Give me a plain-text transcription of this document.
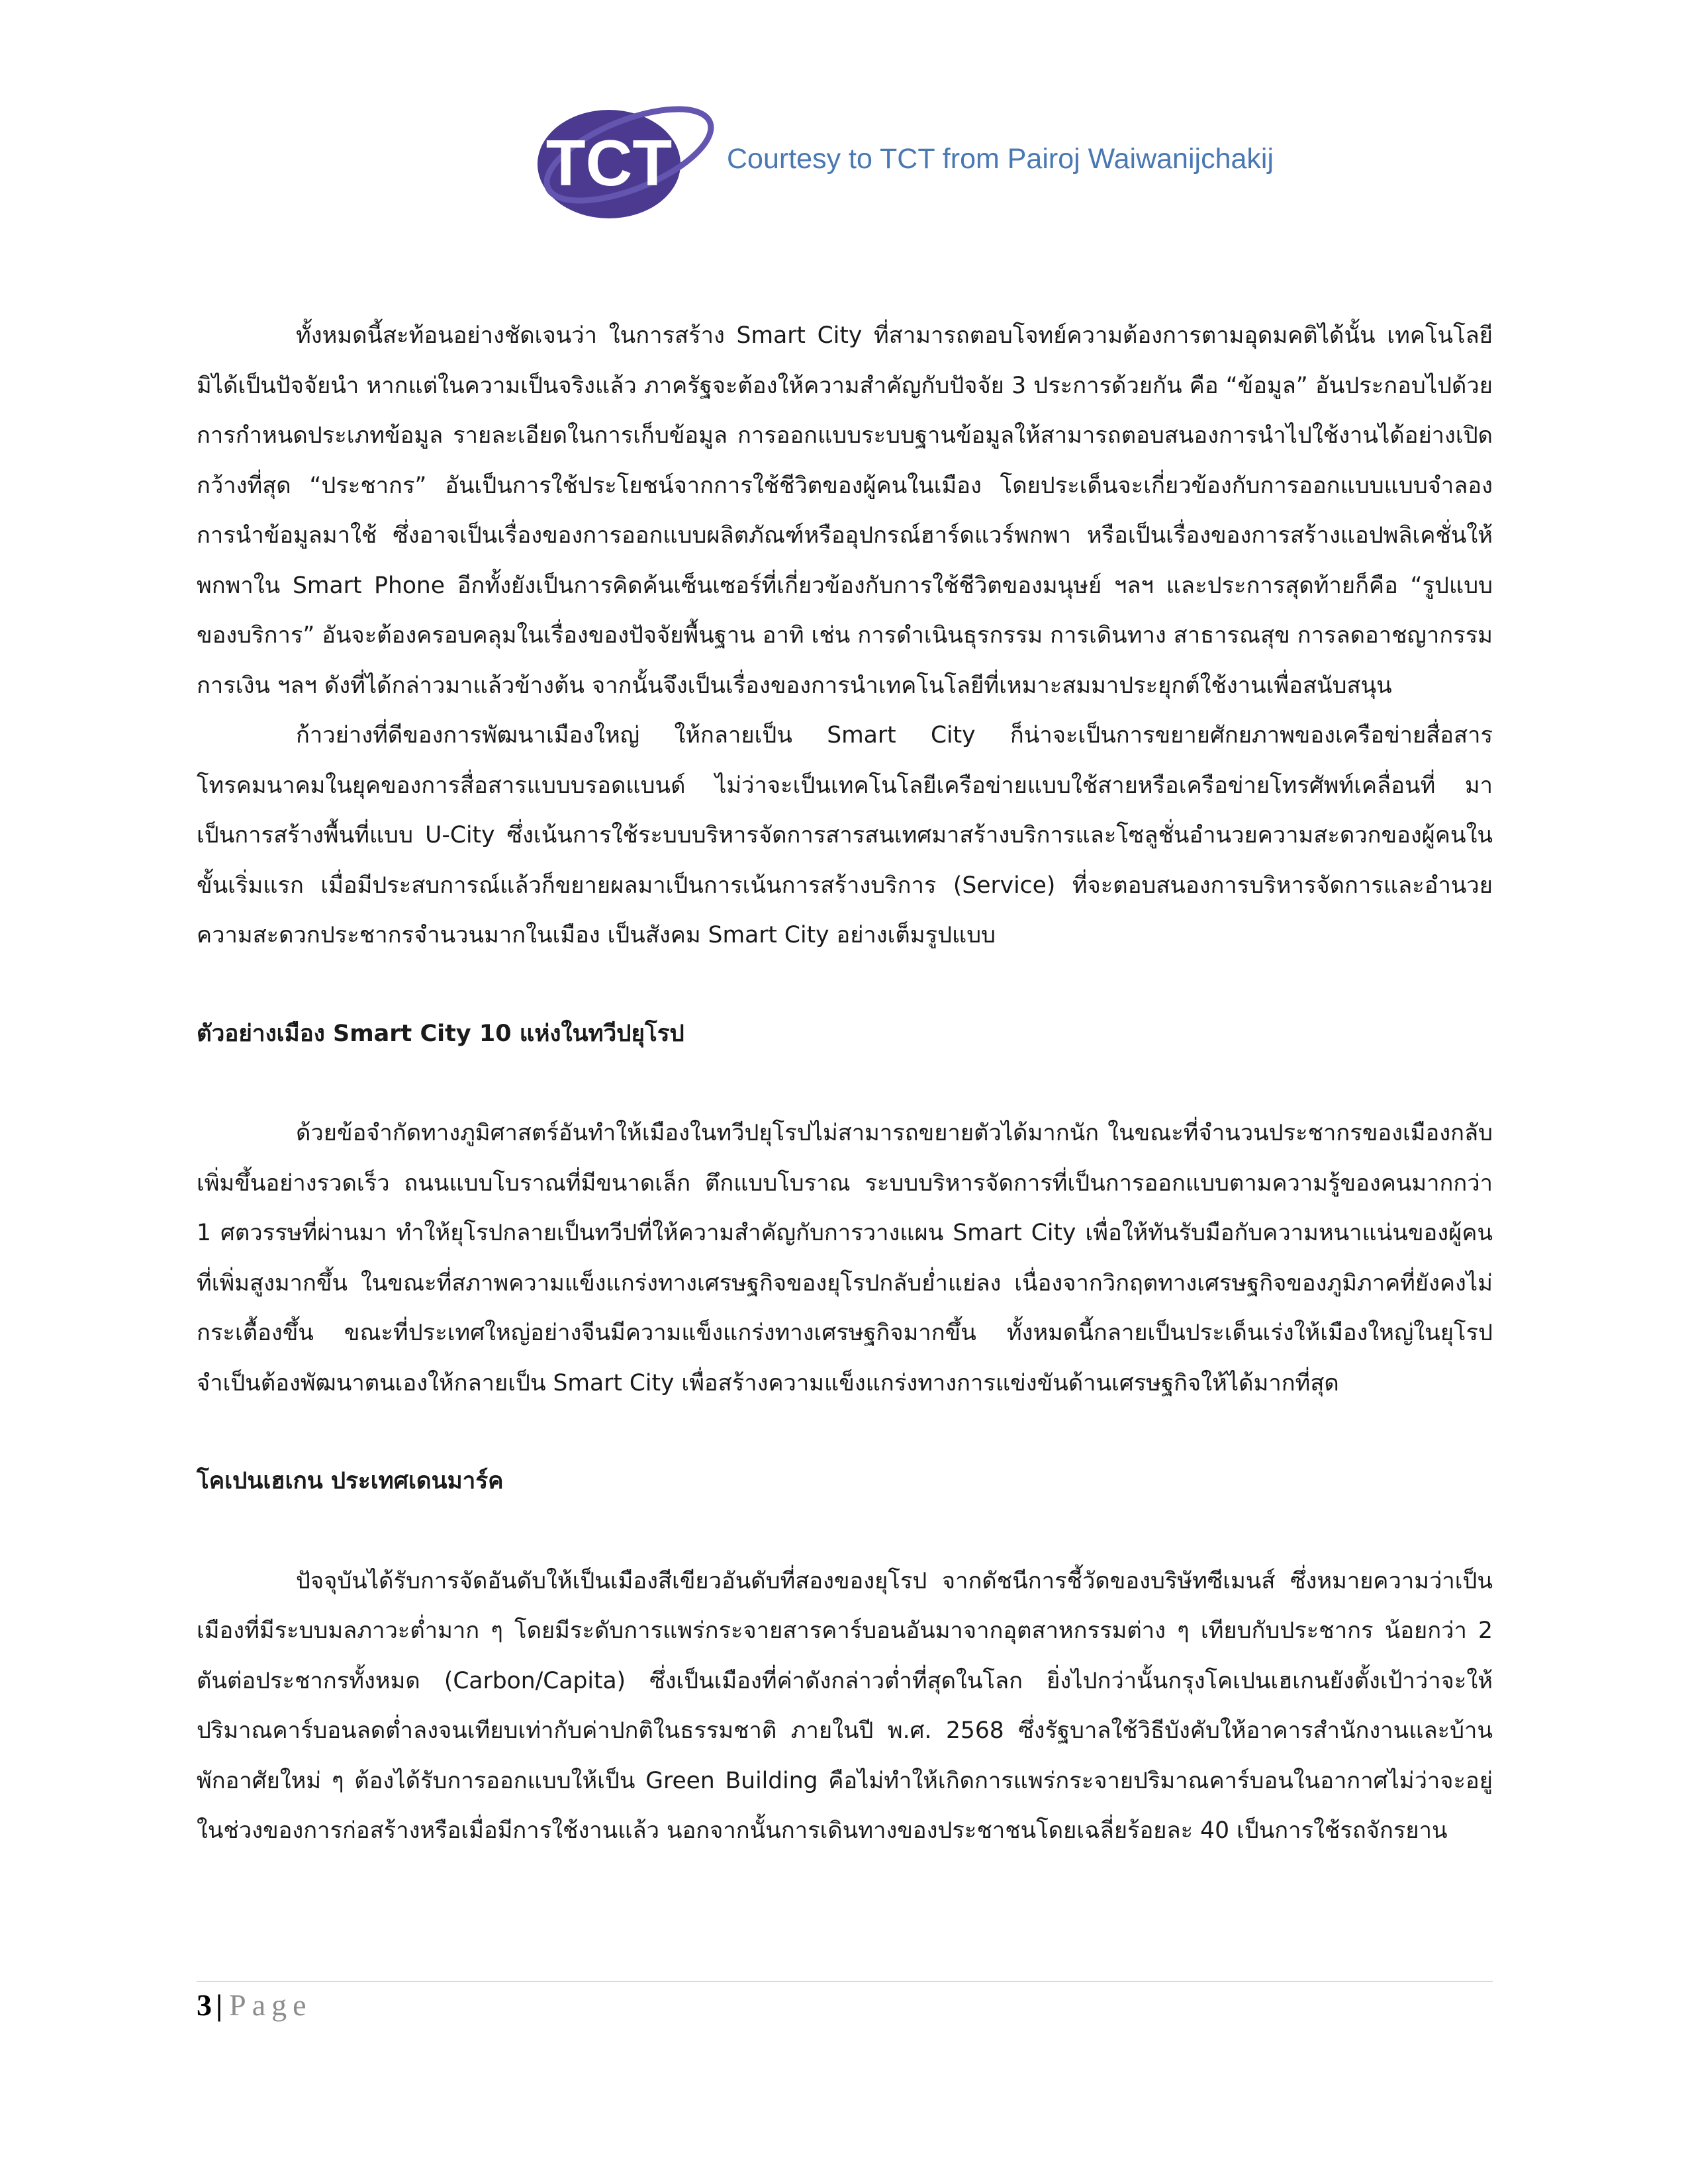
TCT Courtesy to TCT from Pairoj Waiwanijchakij

ทั้งหมดนี้สะท้อนอย่างชัดเจนว่า ในการสร้าง Smart City ที่สามารถตอบโจทย์ความต้องการตามอุดมคติได้นั้น เทคโนโลยีมิได้เป็นปัจจัยนำ หากแต่ในความเป็นจริงแล้ว ภาครัฐจะต้องให้ความสำคัญกับปัจจัย 3 ประการด้วยกัน คือ “ข้อมูล” อันประกอบไปด้วยการกำหนดประเภทข้อมูล รายละเอียดในการเก็บข้อมูล การออกแบบระบบฐานข้อมูลให้สามารถตอบสนองการนำไปใช้งานได้อย่างเปิดกว้างที่สุด “ประชากร” อันเป็นการใช้ประโยชน์จากการใช้ชีวิตของผู้คนในเมือง โดยประเด็นจะเกี่ยวข้องกับการออกแบบแบบจำลองการนำข้อมูลมาใช้ ซึ่งอาจเป็นเรื่องของการออกแบบผลิตภัณฑ์หรืออุปกรณ์ฮาร์ดแวร์พกพา หรือเป็นเรื่องของการสร้างแอปพลิเคชั่นให้พกพาใน Smart Phone อีกทั้งยังเป็นการคิดค้นเซ็นเซอร์ที่เกี่ยวข้องกับการใช้ชีวิตของมนุษย์ ฯลฯ และประการสุดท้ายก็คือ “รูปแบบของบริการ” อันจะต้องครอบคลุมในเรื่องของปัจจัยพื้นฐาน อาทิ เช่น การดำเนินธุรกรรม การเดินทาง สาธารณสุข การลดอาชญากรรม การเงิน ฯลฯ ดังที่ได้กล่าวมาแล้วข้างต้น จากนั้นจึงเป็นเรื่องของการนำเทคโนโลยีที่เหมาะสมมาประยุกต์ใช้งานเพื่อสนับสนุน

ก้าวย่างที่ดีของการพัฒนาเมืองใหญ่ ให้กลายเป็น Smart City ก็น่าจะเป็นการขยายศักยภาพของเครือข่ายสื่อสารโทรคมนาคมในยุคของการสื่อสารแบบบรอดแบนด์ ไม่ว่าจะเป็นเทคโนโลยีเครือข่ายแบบใช้สายหรือเครือข่ายโทรศัพท์เคลื่อนที่ มาเป็นการสร้างพื้นที่แบบ U-City ซึ่งเน้นการใช้ระบบบริหารจัดการสารสนเทศมาสร้างบริการและโซลูชั่นอำนวยความสะดวกของผู้คนในขั้นเริ่มแรก เมื่อมีประสบการณ์แล้วก็ขยายผลมาเป็นการเน้นการสร้างบริการ (Service) ที่จะตอบสนองการบริหารจัดการและอำนวยความสะดวกประชากรจำนวนมากในเมือง เป็นสังคม Smart City อย่างเต็มรูปแบบ

ตัวอย่างเมือง Smart City 10 แห่งในทวีปยุโรป

ด้วยข้อจำกัดทางภูมิศาสตร์อันทำให้เมืองในทวีปยุโรปไม่สามารถขยายตัวได้มากนัก ในขณะที่จำนวนประชากรของเมืองกลับเพิ่มขึ้นอย่างรวดเร็ว ถนนแบบโบราณที่มีขนาดเล็ก ตึกแบบโบราณ ระบบบริหารจัดการที่เป็นการออกแบบตามความรู้ของคนมากกว่า 1 ศตวรรษที่ผ่านมา ทำให้ยุโรปกลายเป็นทวีปที่ให้ความสำคัญกับการวางแผน Smart City เพื่อให้ทันรับมือกับความหนาแน่นของผู้คนที่เพิ่มสูงมากขึ้น ในขณะที่สภาพความแข็งแกร่งทางเศรษฐกิจของยุโรปกลับย่ำแย่ลง เนื่องจากวิกฤตทางเศรษฐกิจของภูมิภาคที่ยังคงไม่กระเตื้องขึ้น ขณะที่ประเทศใหญ่อย่างจีนมีความแข็งแกร่งทางเศรษฐกิจมากขึ้น ทั้งหมดนี้กลายเป็นประเด็นเร่งให้เมืองใหญ่ในยุโรปจำเป็นต้องพัฒนาตนเองให้กลายเป็น Smart City เพื่อสร้างความแข็งแกร่งทางการแข่งขันด้านเศรษฐกิจให้ได้มากที่สุด

โคเปนเฮเกน ประเทศเดนมาร์ค

ปัจจุบันได้รับการจัดอันดับให้เป็นเมืองสีเขียวอันดับที่สองของยุโรป จากดัชนีการชี้วัดของบริษัทซีเมนส์ ซึ่งหมายความว่าเป็นเมืองที่มีระบบมลภาวะต่ำมาก ๆ โดยมีระดับการแพร่กระจายสารคาร์บอนอันมาจากอุตสาหกรรมต่าง ๆ เทียบกับประชากร น้อยกว่า 2 ตันต่อประชากรทั้งหมด (Carbon/Capita) ซึ่งเป็นเมืองที่ค่าดังกล่าวต่ำที่สุดในโลก ยิ่งไปกว่านั้นกรุงโคเปนเฮเกนยังตั้งเป้าว่าจะให้ปริมาณคาร์บอนลดต่ำลงจนเทียบเท่ากับค่าปกติในธรรมชาติ ภายในปี พ.ศ. 2568 ซึ่งรัฐบาลใช้วิธีบังคับให้อาคารสำนักงานและบ้านพักอาศัยใหม่ ๆ ต้องได้รับการออกแบบให้เป็น Green Building คือไม่ทำให้เกิดการแพร่กระจายปริมาณคาร์บอนในอากาศไม่ว่าจะอยู่ในช่วงของการก่อสร้างหรือเมื่อมีการใช้งานแล้ว นอกจากนั้นการเดินทางของประชาชนโดยเฉลี่ยร้อยละ 40 เป็นการใช้รถจักรยาน

3 | Page
